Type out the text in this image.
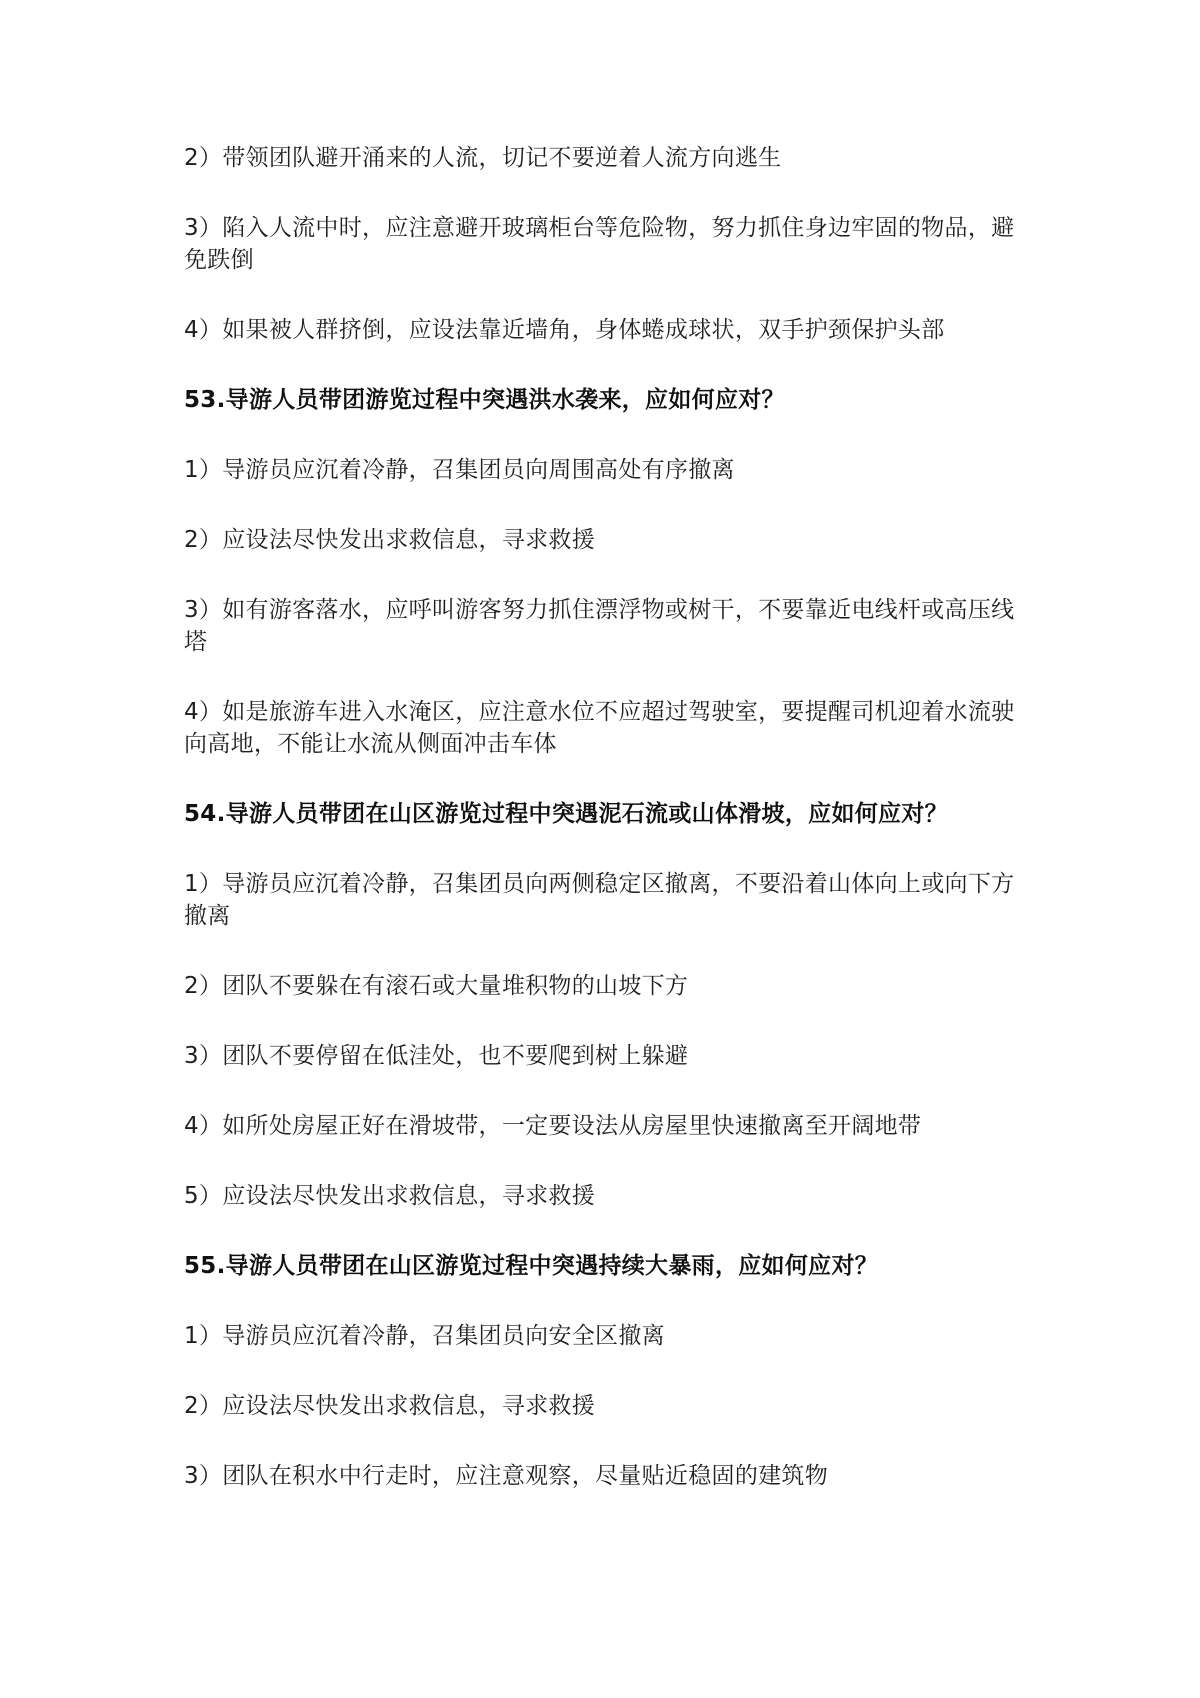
2）带领团队避开涌来的人流，切记不要逆着人流方向逃生

3）陷入人流中时，应注意避开玻璃柜台等危险物，努力抓住身边牢固的物品，避免跌倒

4）如果被人群挤倒，应设法靠近墙角，身体蜷成球状，双手护颈保护头部

53.导游人员带团游览过程中突遇洪水袭来，应如何应对？

1）导游员应沉着冷静，召集团员向周围高处有序撤离

2）应设法尽快发出求救信息，寻求救援

3）如有游客落水，应呼叫游客努力抓住漂浮物或树干，不要靠近电线杆或高压线塔

4）如是旅游车进入水淹区，应注意水位不应超过驾驶室，要提醒司机迎着水流驶向高地，不能让水流从侧面冲击车体

54.导游人员带团在山区游览过程中突遇泥石流或山体滑坡，应如何应对？

1）导游员应沉着冷静，召集团员向两侧稳定区撤离，不要沿着山体向上或向下方撤离

2）团队不要躲在有滚石或大量堆积物的山坡下方

3）团队不要停留在低洼处，也不要爬到树上躲避

4）如所处房屋正好在滑坡带，一定要设法从房屋里快速撤离至开阔地带

5）应设法尽快发出求救信息，寻求救援

55.导游人员带团在山区游览过程中突遇持续大暴雨，应如何应对？

1）导游员应沉着冷静，召集团员向安全区撤离

2）应设法尽快发出求救信息，寻求救援

3）团队在积水中行走时，应注意观察，尽量贴近稳固的建筑物
